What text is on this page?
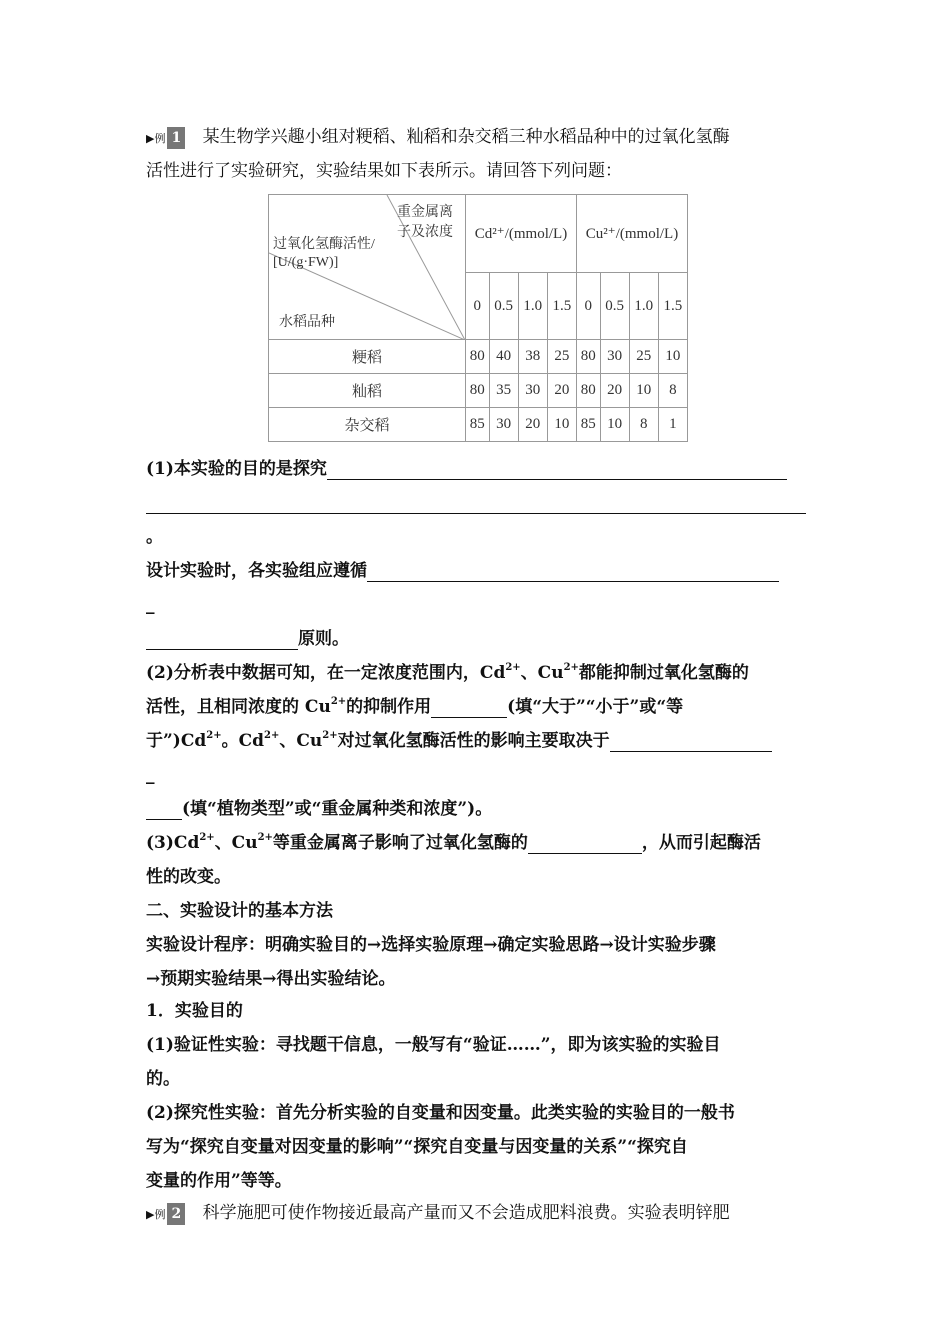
▶例 1 某生物学兴趣小组对粳稻、籼稻和杂交稻三种水稻品种中的过氧化氢酶
活性进行了实验研究，实验结果如下表所示。请回答下列问题：
重金属离
子及浓度
过氧化氢酶活性/
[U/(g·FW)]
水稻品种	Cd²⁺/(mmol/L)				Cu²⁺/(mmol/L)			
	0	0.5	1.0	1.5	0	0.5	1.0	1.5
粳稻	80	40	38	25	80	30	25	10
籼稻	80	35	30	20	80	20	10	8
杂交稻	85	30	20	10	85	10	8	1
(1)本实验的目的是探究
。
设计实验时，各实验组应遵循
_
原则。
(2)分析表中数据可知，在一定浓度范围内，$Cd^{2+}$、$Cu^{2+}$都能抑制过氧化氢酶的
活性，且相同浓度的 $Cu^{2+}$的抑制作用	(填“大于”“小于”或“等
于$”)Cd^{2+}$。$Cd^{2+}$、$Cu^{2+}$对过氧化氢酶活性的影响主要取决于
_
(填“植物类型”或“重金属种类和浓度”)。
$(3)Cd^{2+}$、$Cu^{2+}$等重金属离子影响了过氧化氢酶的	，从而引起酶活
性的改变。
二、实验设计的基本方法
实验设计程序：明确实验目的→选择实验原理→确定实验思路→设计实验步骤
→预期实验结果→得出实验结论。
1．实验目的
(1)验证性实验：寻找题干信息，一般写有“验证……”，即为该实验的实验目
的。
(2)探究性实验：首先分析实验的自变量和因变量。此类实验的实验目的一般书
写为“探究自变量对因变量的影响”“探究自变量与因变量的关系”“探究自
变量的作用”等等。
▶例 2 科学施肥可使作物接近最高产量而又不会造成肥料浪费。实验表明锌肥
